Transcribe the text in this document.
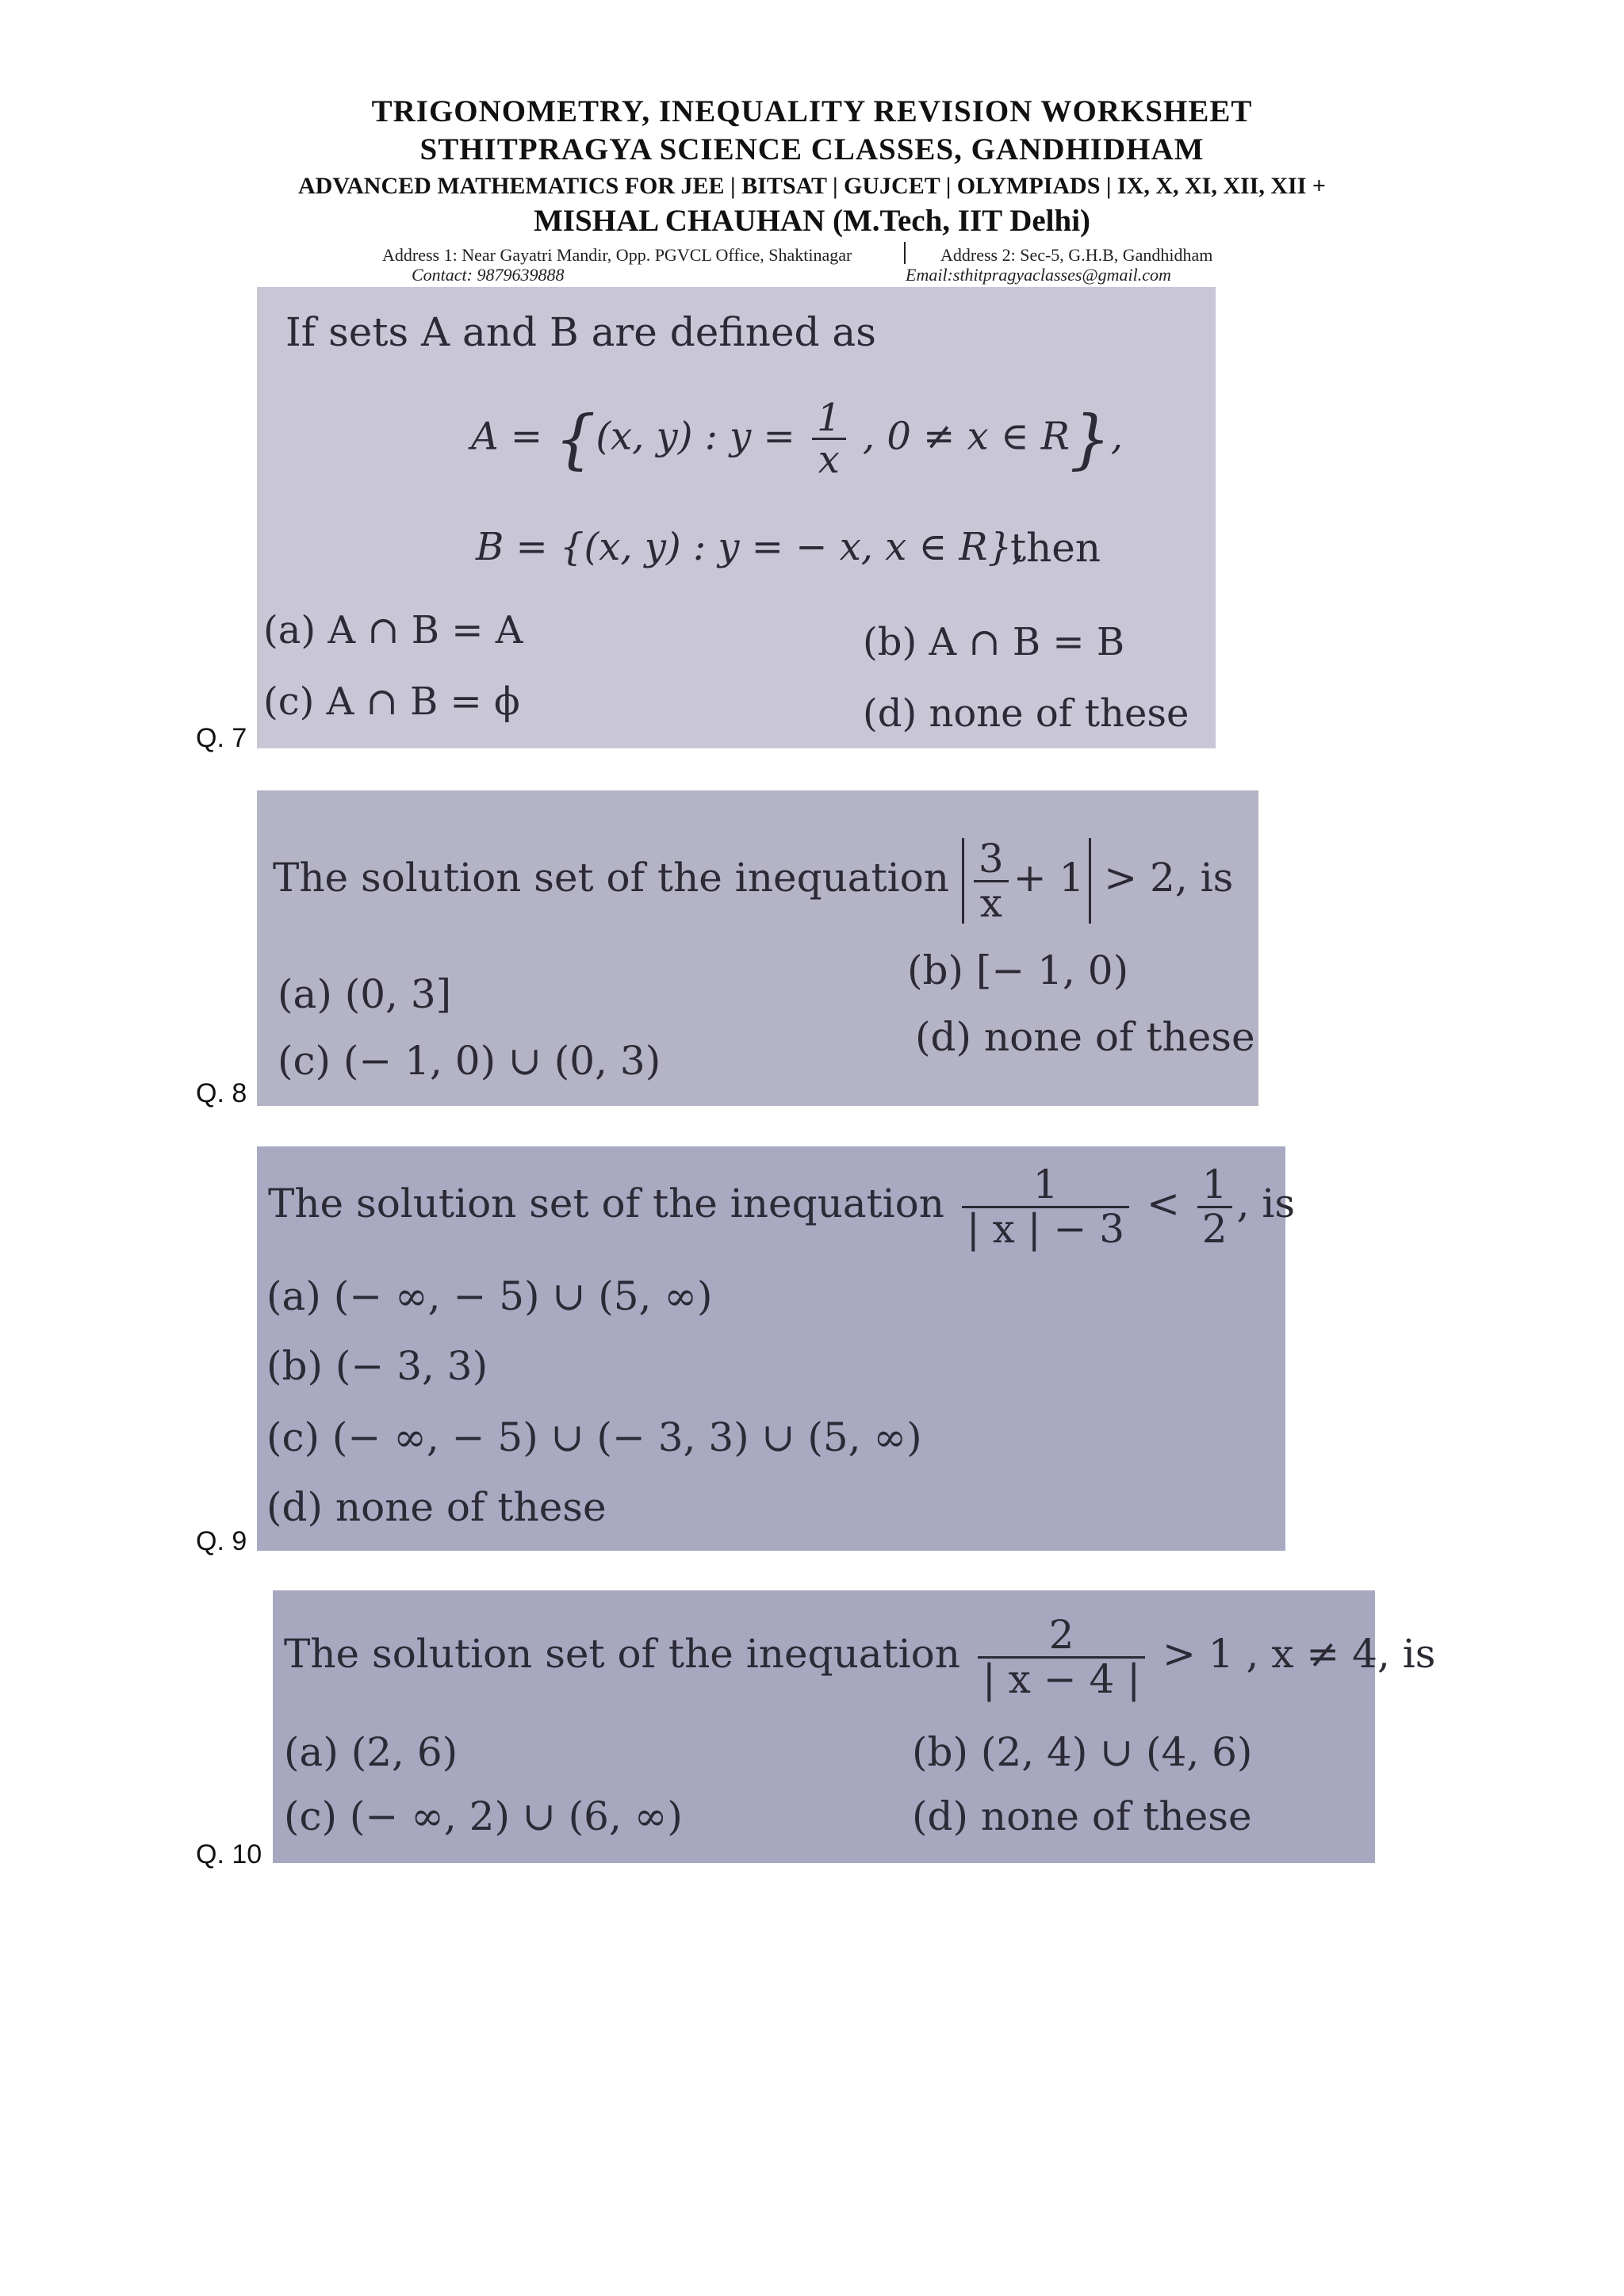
TRIGONOMETRY, INEQUALITY REVISION WORKSHEET
STHITPRAGYA SCIENCE CLASSES, GANDHIDHAM
ADVANCED MATHEMATICS FOR JEE | BITSAT | GUJCET | OLYMPIADS | IX, X, XI, XII, XII +
MISHAL CHAUHAN (M.Tech, IIT Delhi)
Address 1: Near Gayatri Mandir, Opp. PGVCL Office, Shaktinagar	Address 2: Sec-5, G.H.B, Gandhidham
Contact: 9879639888	Email:sthitpragyaclasses@gmail.com
If sets A and B are defined as
A = {(x, y) : $y = \frac{1}{x}$ , 0 ≠ x ∈ R},
B = {(x, y) : y = − x, x ∈ R},
then
(a) A ∩ B = A	(b) A ∩ B = B
(c) A ∩ B = ϕ	(d) none of these
Q. 7
The solution set of the inequation $\frac{3}{x} + 1 > 2$, is
(a) (0, 3]
(b) [− 1, 0)
(c) (− 1, 0) ∪ (0, 3)
(d) none of these
Q. 8
The solution set of the inequation $\frac{1}{| x | - 3} < \frac{1}{2}$ , is
(a) (− ∞, − 5) ∪ (5, ∞)
(b) (− 3, 3)
(c) (− ∞, − 5) ∪ (− 3, 3) ∪ (5, ∞)
(d) none of these
Q. 9
The solution set of the inequation $\frac{2}{| x - 4 |} > 1$ , x ≠ 4, is
(a) (2, 6)	(b) (2, 4) ∪ (4, 6)
(c) (− ∞, 2) ∪ (6, ∞)	(d) none of these
Q. 10
